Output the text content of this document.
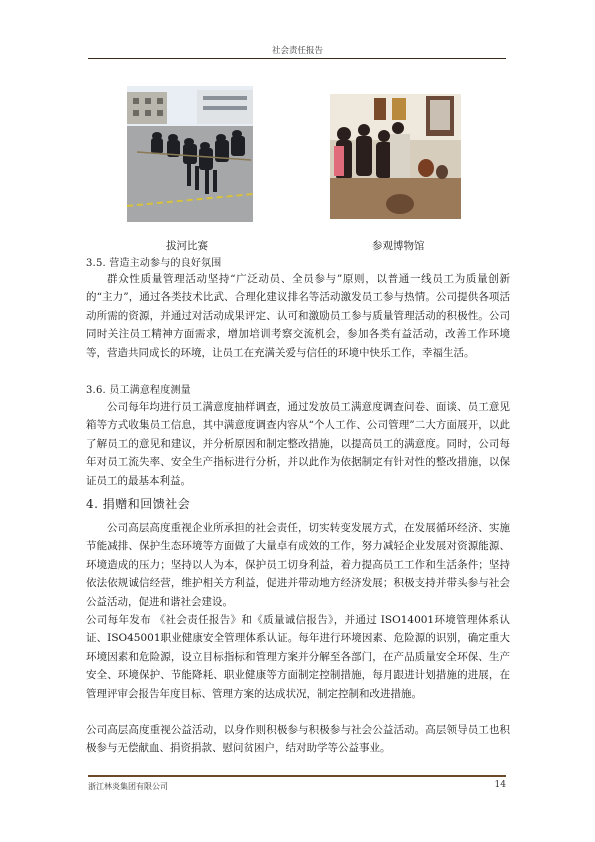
社会责任报告
拔河比赛	参观博物馆
3.5. 营造主动参与的良好氛围
群众性质量管理活动坚持“广泛动员、全员参与”原则，以普通一线员工为质量创新的“主力”，通过各类技术比武、合理化建议排名等活动激发员工参与热情。公司提供各项活动所需的资源，并通过对活动成果评定、认可和激励员工参与质量管理活动的积极性。公司同时关注员工精神方面需求，增加培训考察交流机会，参加各类有益活动，改善工作环境等，营造共同成长的环境，让员工在充满关爱与信任的环境中快乐工作，幸福生活。
3.6. 员工满意程度测量
公司每年均进行员工满意度抽样调查，通过发放员工满意度调查问卷、面谈、员工意见箱等方式收集员工信息，其中满意度调查内容从“个人工作、公司管理”二大方面展开，以此了解员工的意见和建议，并分析原因和制定整改措施，以提高员工的满意度。同时，公司每年对员工流失率、安全生产指标进行分析，并以此作为依据制定有针对性的整改措施，以保证员工的最基本利益。
4. 捐赠和回馈社会
公司高层高度重视企业所承担的社会责任，切实转变发展方式，在发展循环经济、实施节能减排、保护生态环境等方面做了大量卓有成效的工作，努力减轻企业发展对资源能源、环境造成的压力；坚持以人为本，保护员工切身利益，着力提高员工工作和生活条件；坚持依法依规诚信经营，维护相关方利益，促进并带动地方经济发展；积极支持并带头参与社会公益活动，促进和谐社会建设。
公司每年发布 《社会责任报告》和《质量诚信报告》，并通过 ISO14001环境管理体系认证、ISO45001职业健康安全管理体系认证。每年进行环境因素、危险源的识别，确定重大环境因素和危险源，设立目标指标和管理方案并分解至各部门，在产品质量安全环保、生产安全、环境保护、节能降耗、职业健康等方面制定控制措施，每月跟进计划措施的进展，在管理评审会报告年度目标、管理方案的达成状况，制定控制和改进措施。
公司高层高度重视公益活动，以身作则积极参与积极参与社会公益活动。高层领导员工也积极参与无偿献血、捐资捐款、慰问贫困户，结对助学等公益事业。
浙江林炎集团有限公司	14
